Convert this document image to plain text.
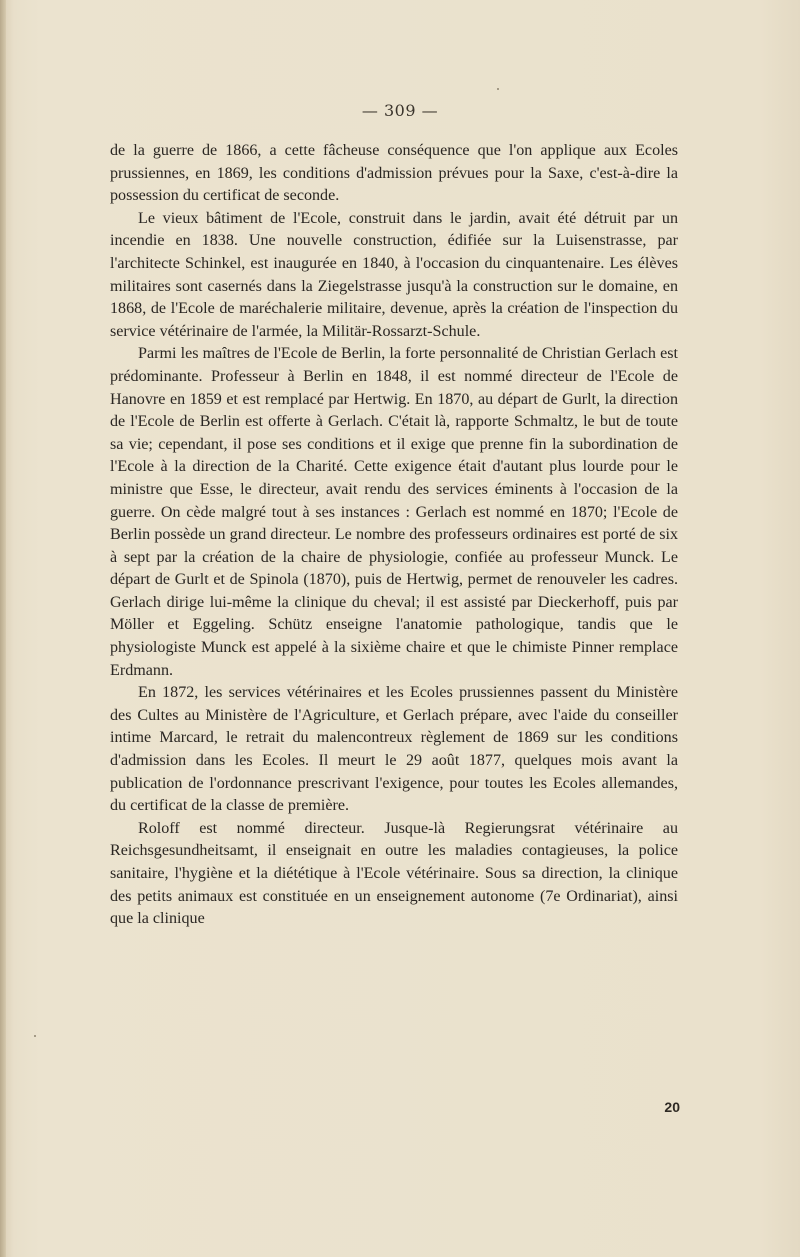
— 309 —

de la guerre de 1866, a cette fâcheuse conséquence que l'on applique aux Ecoles prussiennes, en 1869, les conditions d'admission prévues pour la Saxe, c'est-à-dire la possession du certificat de seconde.

Le vieux bâtiment de l'Ecole, construit dans le jardin, avait été détruit par un incendie en 1838. Une nouvelle construction, édifiée sur la Luisenstrasse, par l'architecte Schinkel, est inaugurée en 1840, à l'occasion du cinquantenaire. Les élèves militaires sont casernés dans la Ziegelstrasse jusqu'à la construction sur le domaine, en 1868, de l'Ecole de maréchalerie militaire, devenue, après la création de l'inspection du service vétérinaire de l'armée, la Militär-Rossarzt-Schule.

Parmi les maîtres de l'Ecole de Berlin, la forte personnalité de Christian Gerlach est prédominante. Professeur à Berlin en 1848, il est nommé directeur de l'Ecole de Hanovre en 1859 et est remplacé par Hertwig. En 1870, au départ de Gurlt, la direction de l'Ecole de Berlin est offerte à Gerlach. C'était là, rapporte Schmaltz, le but de toute sa vie; cependant, il pose ses conditions et il exige que prenne fin la subordination de l'Ecole à la direction de la Charité. Cette exigence était d'autant plus lourde pour le ministre que Esse, le directeur, avait rendu des services éminents à l'occasion de la guerre. On cède malgré tout à ses instances : Gerlach est nommé en 1870; l'Ecole de Berlin possède un grand directeur. Le nombre des professeurs ordinaires est porté de six à sept par la création de la chaire de physiologie, confiée au professeur Munck. Le départ de Gurlt et de Spinola (1870), puis de Hertwig, permet de renouveler les cadres. Gerlach dirige lui-même la clinique du cheval; il est assisté par Dieckerhoff, puis par Möller et Eggeling. Schütz enseigne l'anatomie pathologique, tandis que le physiologiste Munck est appelé à la sixième chaire et que le chimiste Pinner remplace Erdmann.

En 1872, les services vétérinaires et les Ecoles prussiennes passent du Ministère des Cultes au Ministère de l'Agriculture, et Gerlach prépare, avec l'aide du conseiller intime Marcard, le retrait du malencontreux règlement de 1869 sur les conditions d'admission dans les Ecoles. Il meurt le 29 août 1877, quelques mois avant la publication de l'ordonnance prescrivant l'exigence, pour toutes les Ecoles allemandes, du certificat de la classe de première.

Roloff est nommé directeur. Jusque-là Regierungsrat vétérinaire au Reichsgesundheitsamt, il enseignait en outre les maladies contagieuses, la police sanitaire, l'hygiène et la diététique à l'Ecole vétérinaire. Sous sa direction, la clinique des petits animaux est constituée en un enseignement autonome (7e Ordinariat), ainsi que la clinique

20
